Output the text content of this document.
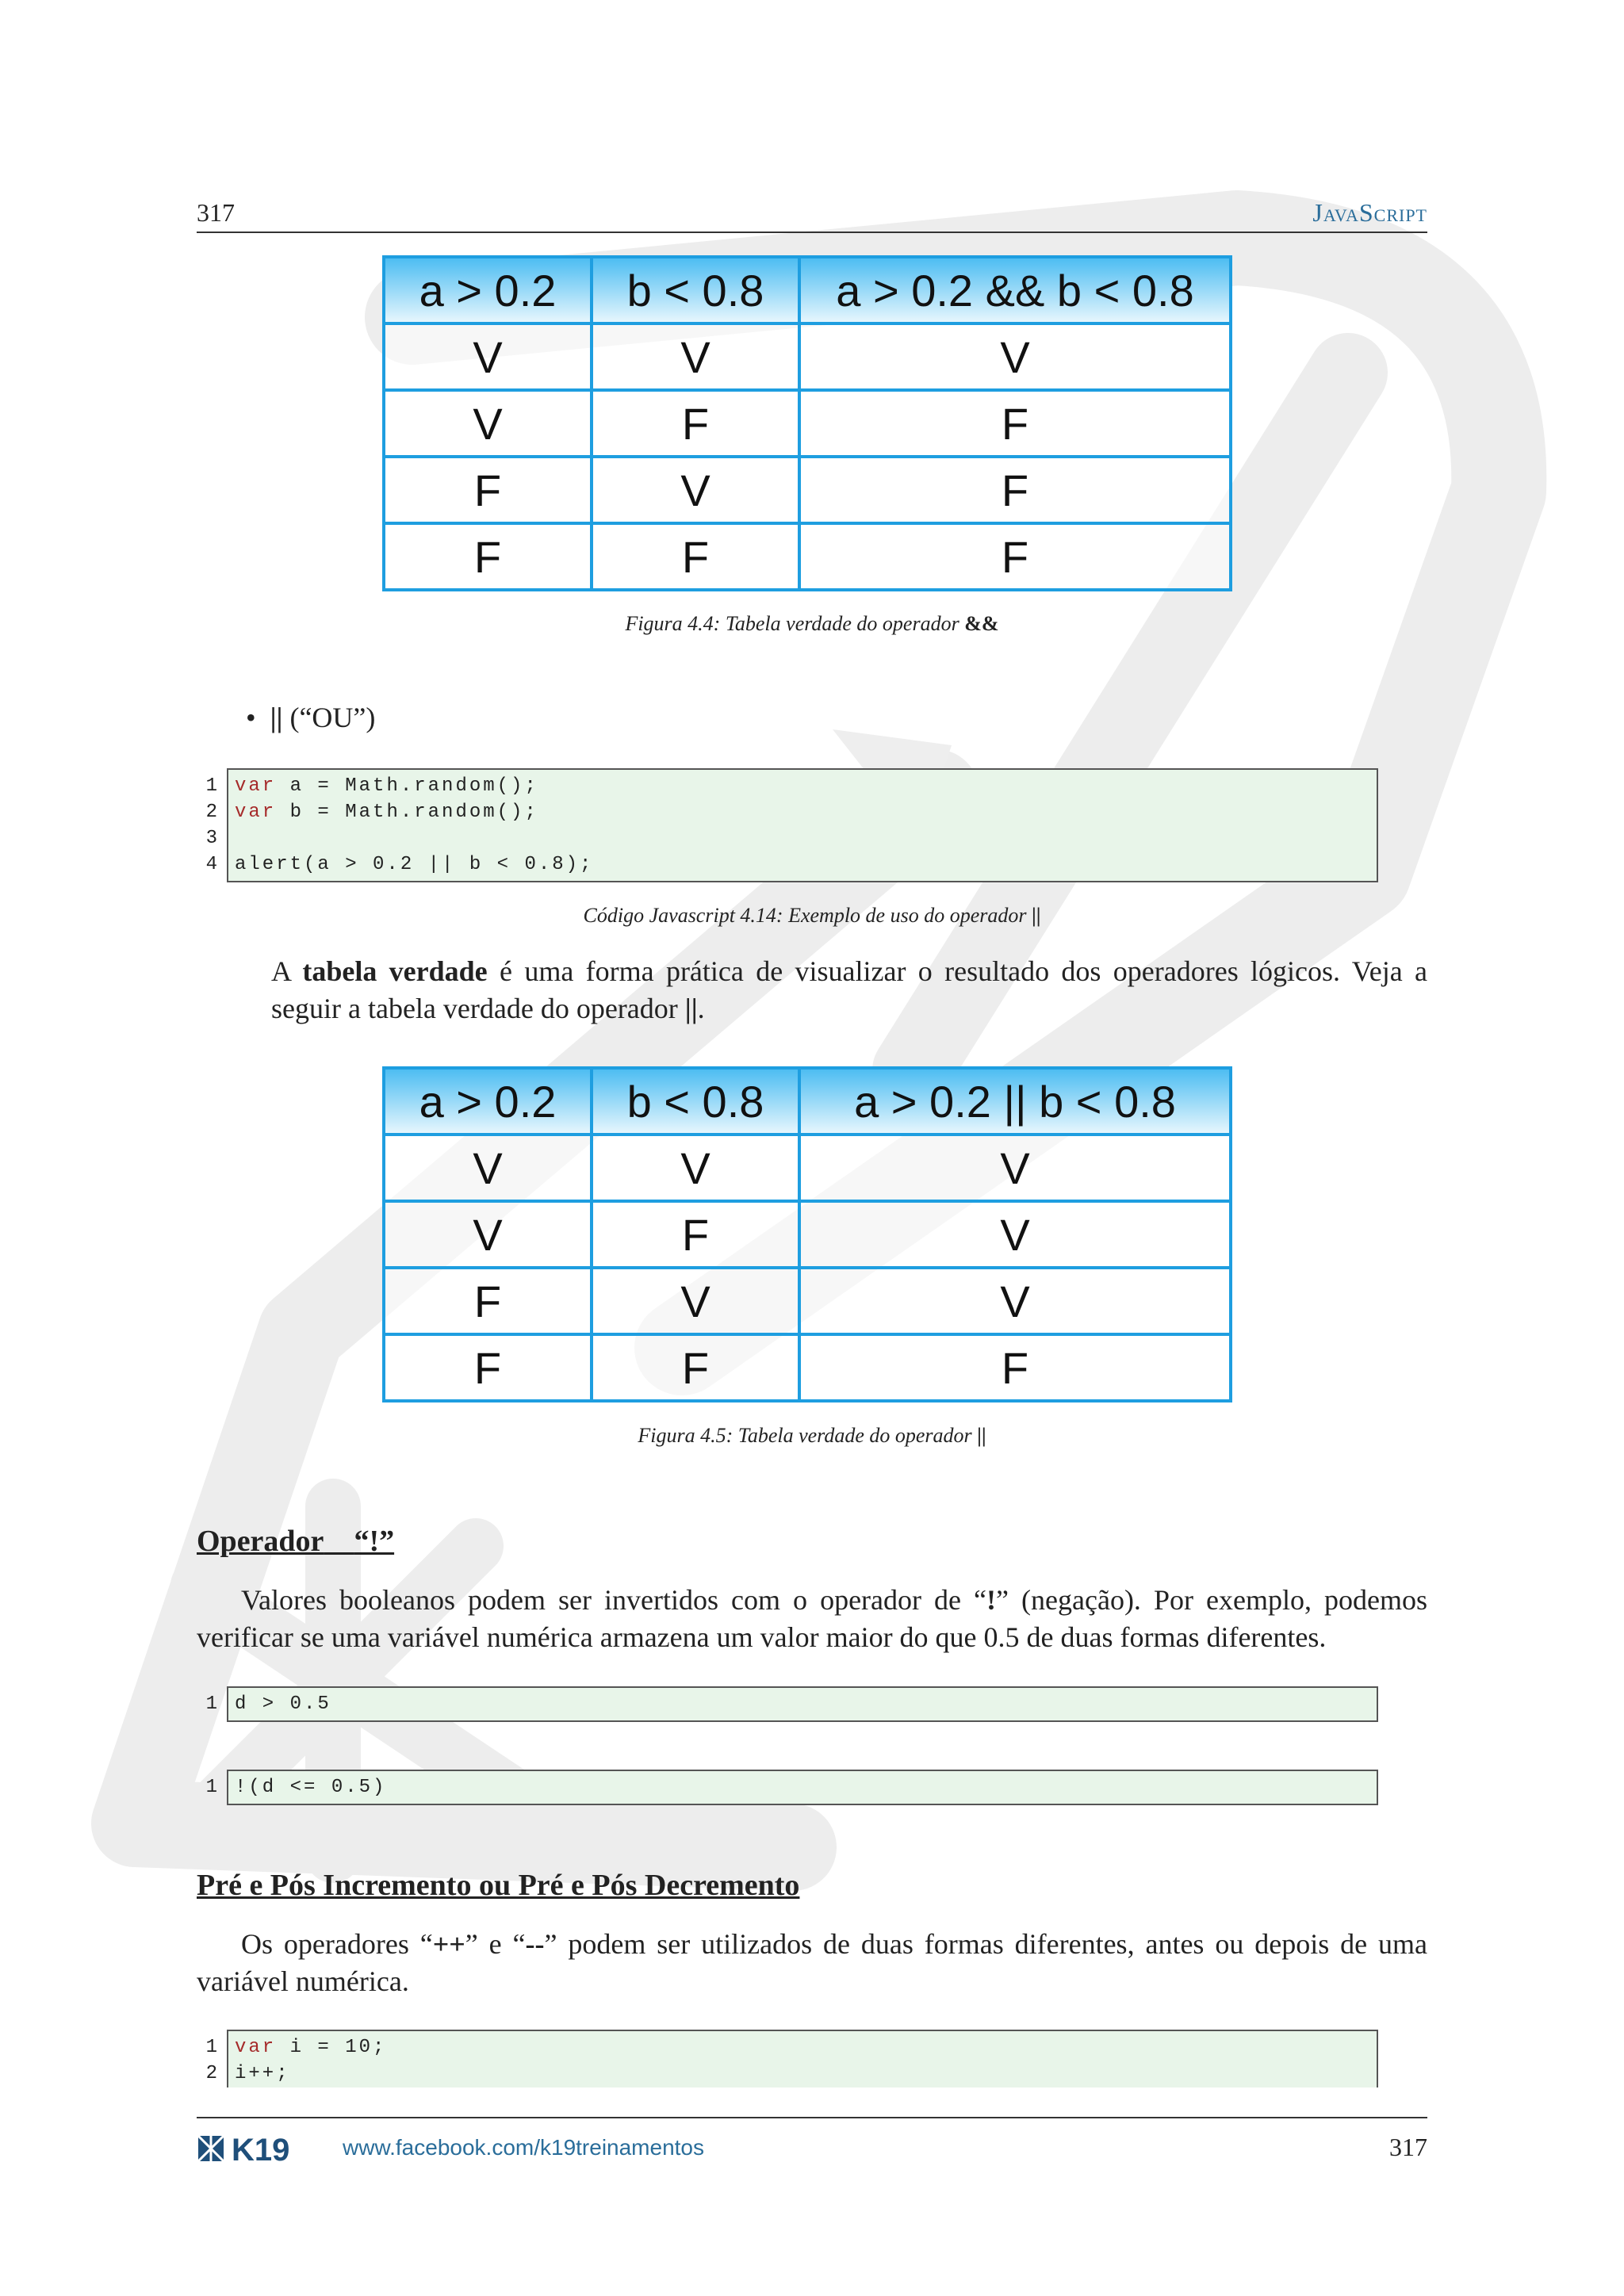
317	JavaScript
a > 0.2	b < 0.8	a > 0.2 && b < 0.8
V	V	V
V	F	F
F	V	F
F	F	F
Figura 4.4: Tabela verdade do operador &&
• || (“OU”)
1
2
3
4
var a = Math.random();
var b = Math.random();
alert(a > 0.2 || b < 0.8);
Código Javascript 4.14: Exemplo de uso do operador ||
A tabela verdade é uma forma prática de visualizar o resultado dos operadores lógicos. Veja a seguir a tabela verdade do operador ||.
a > 0.2	b < 0.8	a > 0.2 || b < 0.8
V	V	V
V	F	V
F	V	V
F	F	F
Figura 4.5: Tabela verdade do operador ||
Operador “!”
Valores booleanos podem ser invertidos com o operador de “!” (negação). Por exemplo, podemos verificar se uma variável numérica armazena um valor maior do que 0.5 de duas formas diferentes.
1 d > 0.5
1 !(d <= 0.5)
Pré e Pós Incremento ou Pré e Pós Decremento
Os operadores “++” e “--” podem ser utilizados de duas formas diferentes, antes ou depois de uma variável numérica.
1
2
var i = 10;
i++;
K19 www.facebook.com/k19treinamentos	317
